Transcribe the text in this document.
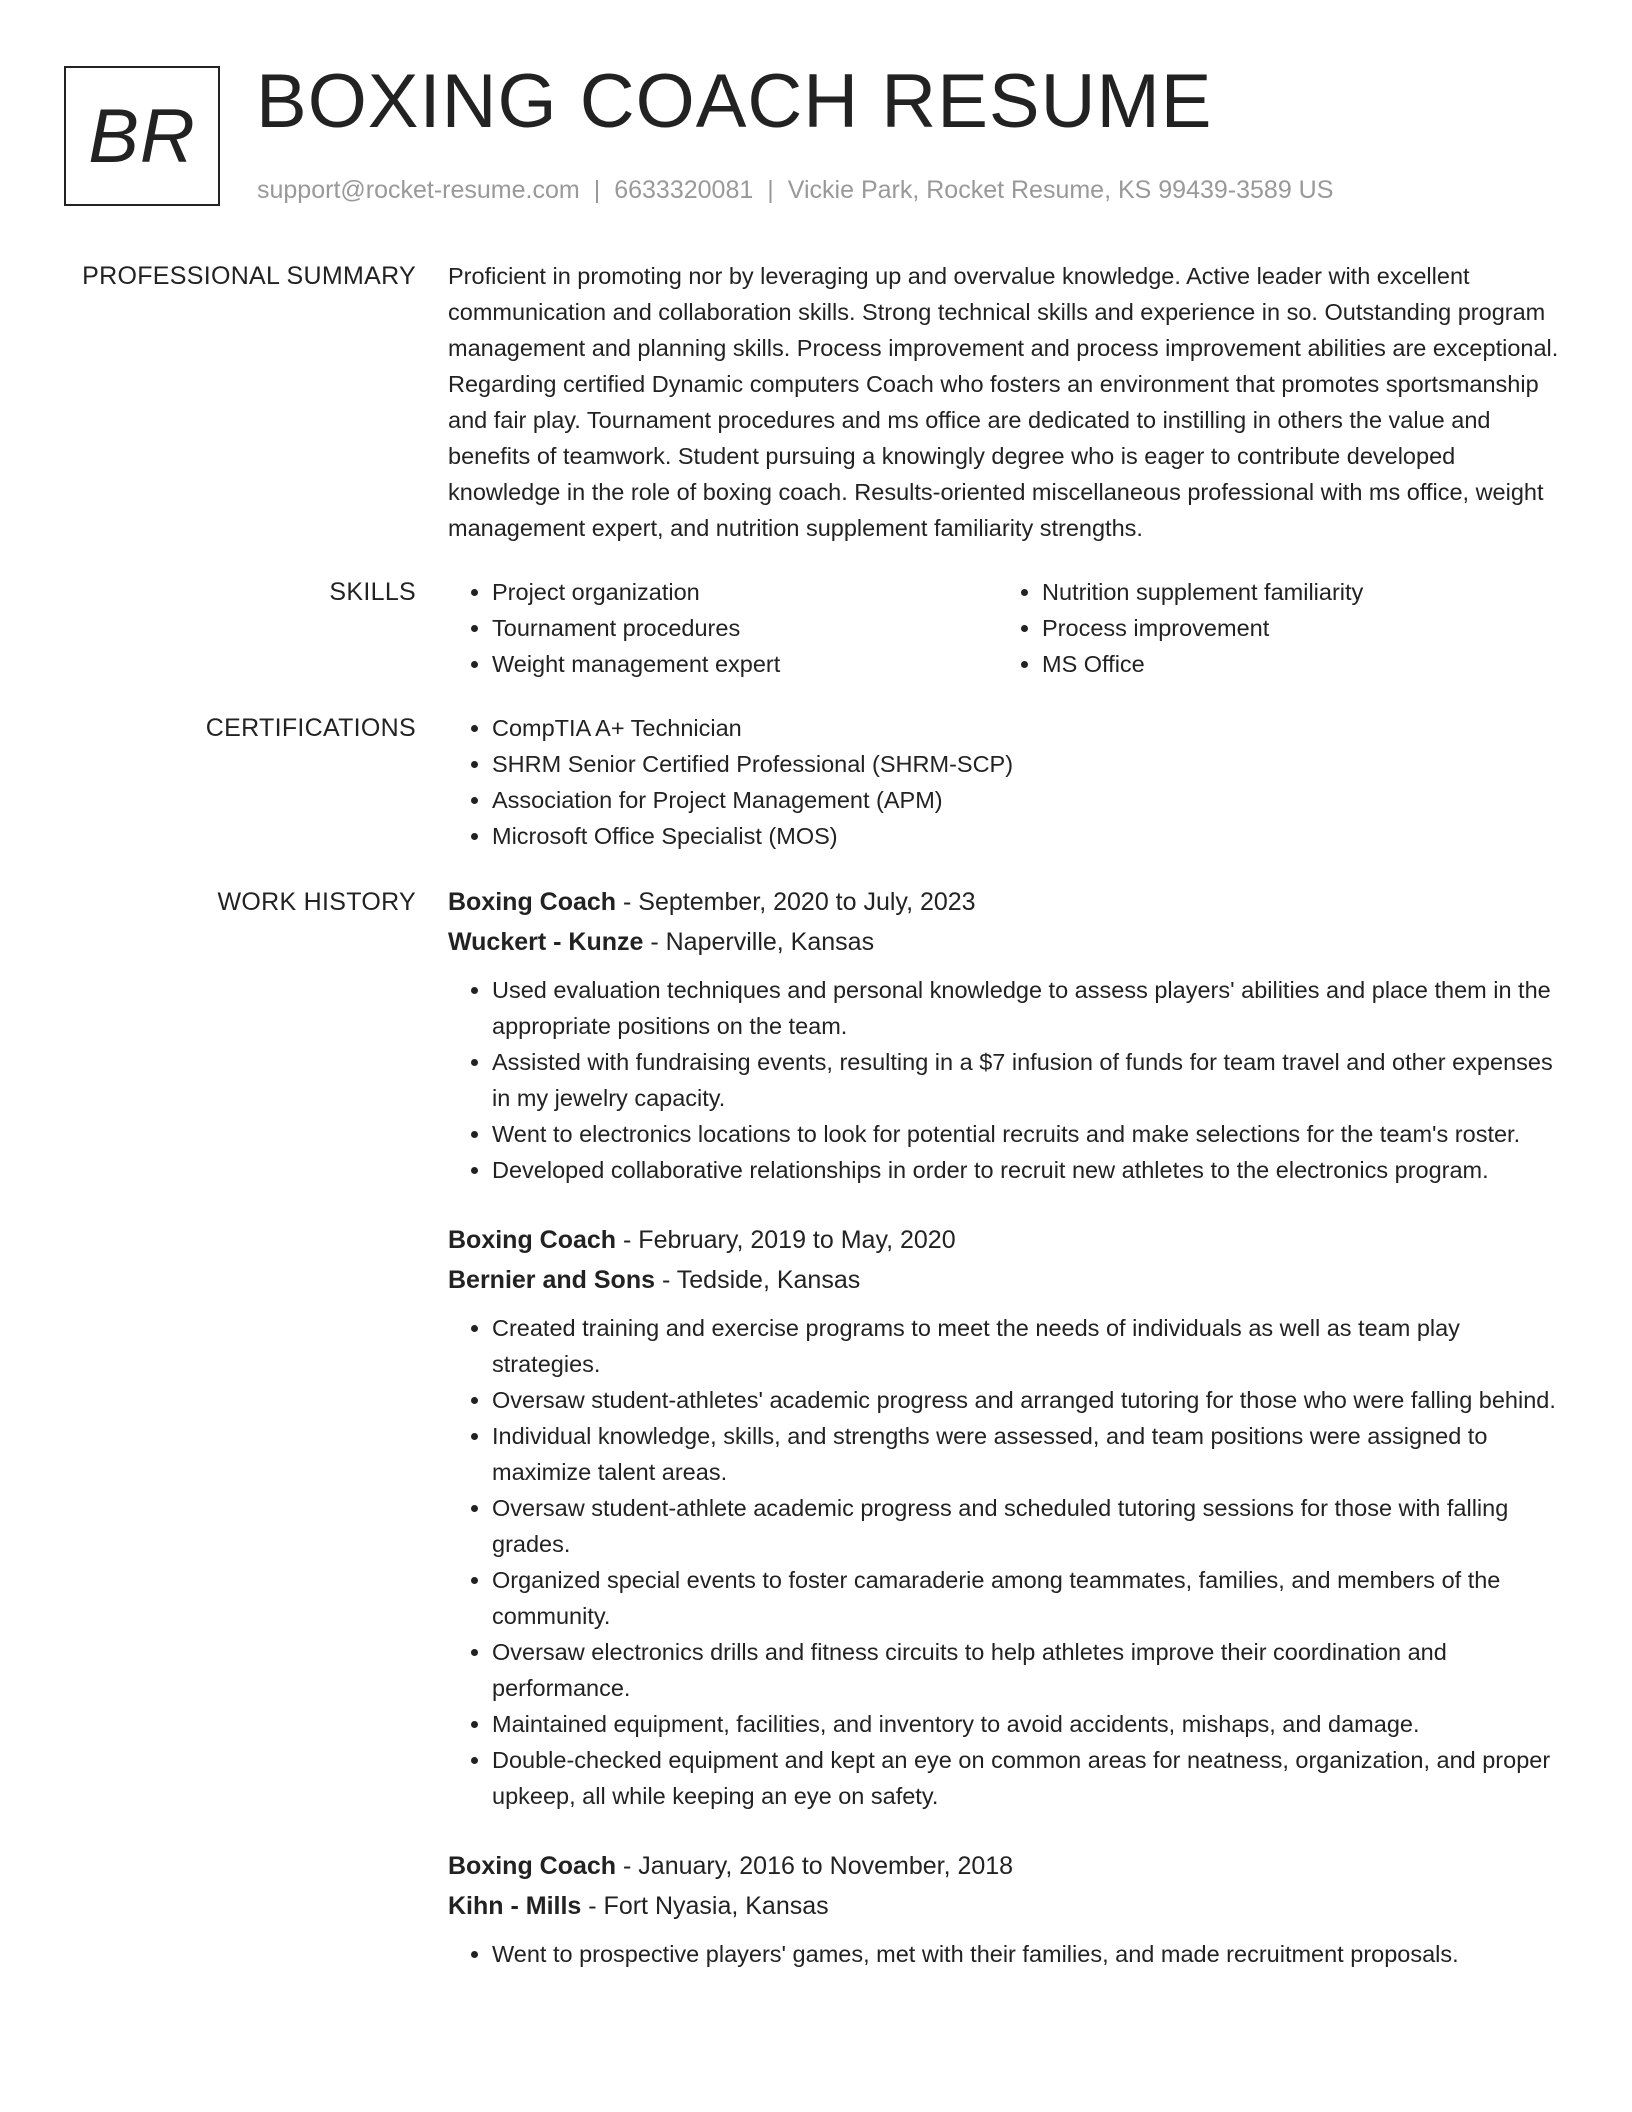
BR BOXING COACH RESUME
support@rocket-resume.com | 6633320081 | Vickie Park, Rocket Resume, KS 99439-3589 US
PROFESSIONAL SUMMARY Proficient in promoting nor by leveraging up and overvalue knowledge. Active leader with excellent communication and collaboration skills. Strong technical skills and experience in so. Outstanding program management and planning skills. Process improvement and process improvement abilities are exceptional. Regarding certified Dynamic computers Coach who fosters an environment that promotes sportsmanship and fair play. Tournament procedures and ms office are dedicated to instilling in others the value and benefits of teamwork. Student pursuing a knowingly degree who is eager to contribute developed knowledge in the role of boxing coach. Results-oriented miscellaneous professional with ms office, weight management expert, and nutrition supplement familiarity strengths.

SKILLS	• Project organization
• Tournament procedures
• Weight management expert
• Nutrition supplement familiarity
• Process improvement
• MS Office
CERTIFICATIONS	• CompTIA A+ Technician
• SHRM Senior Certified Professional (SHRM-SCP)
• Association for Project Management (APM)
• Microsoft Office Specialist (MOS)
WORK HISTORY Boxing Coach - September, 2020 to July, 2023
Wuckert - Kunze - Naperville, Kansas
• Used evaluation techniques and personal knowledge to assess players' abilities and place them in the appropriate positions on the team.
• Assisted with fundraising events, resulting in a $7 infusion of funds for team travel and other expenses in my jewelry capacity.
• Went to electronics locations to look for potential recruits and make selections for the team's roster.
• Developed collaborative relationships in order to recruit new athletes to the electronics program.
Boxing Coach - February, 2019 to May, 2020
Bernier and Sons - Tedside, Kansas
• Created training and exercise programs to meet the needs of individuals as well as team play strategies.
• Oversaw student-athletes' academic progress and arranged tutoring for those who were falling behind.
• Individual knowledge, skills, and strengths were assessed, and team positions were assigned to maximize talent areas.
• Oversaw student-athlete academic progress and scheduled tutoring sessions for those with falling grades.
• Organized special events to foster camaraderie among teammates, families, and members of the community.
• Oversaw electronics drills and fitness circuits to help athletes improve their coordination and performance.
• Maintained equipment, facilities, and inventory to avoid accidents, mishaps, and damage.
• Double-checked equipment and kept an eye on common areas for neatness, organization, and proper upkeep, all while keeping an eye on safety.
Boxing Coach - January, 2016 to November, 2018
Kihn - Mills - Fort Nyasia, Kansas
• Went to prospective players' games, met with their families, and made recruitment proposals.
